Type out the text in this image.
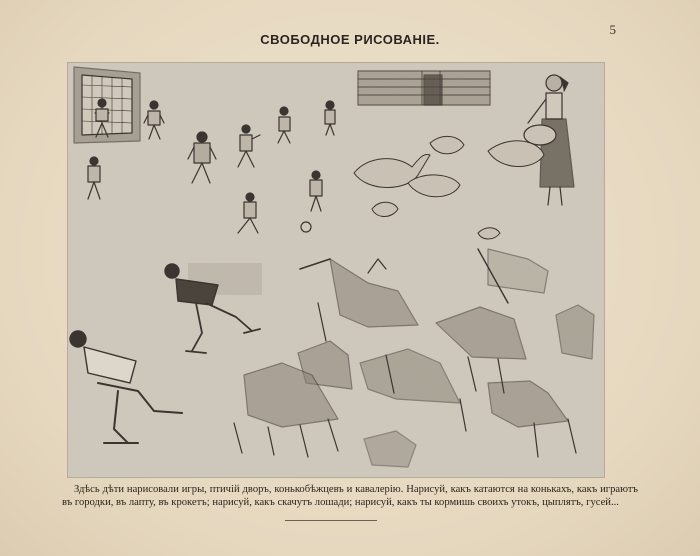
СВОБОДНОЕ РИСОВАНІЕ.
5
Здѣсь дѣти нарисовали игры, птичій дворъ, конькобѣжцевъ и кавалерію. Нарисуй, какъ катаются на конькахъ, какъ играютъ въ городки, въ лапту, въ крокетъ; нарисуй, какъ скачутъ лошади; нарисуй, какъ ты кормишь своихъ утокъ, цыплятъ, гусей...
